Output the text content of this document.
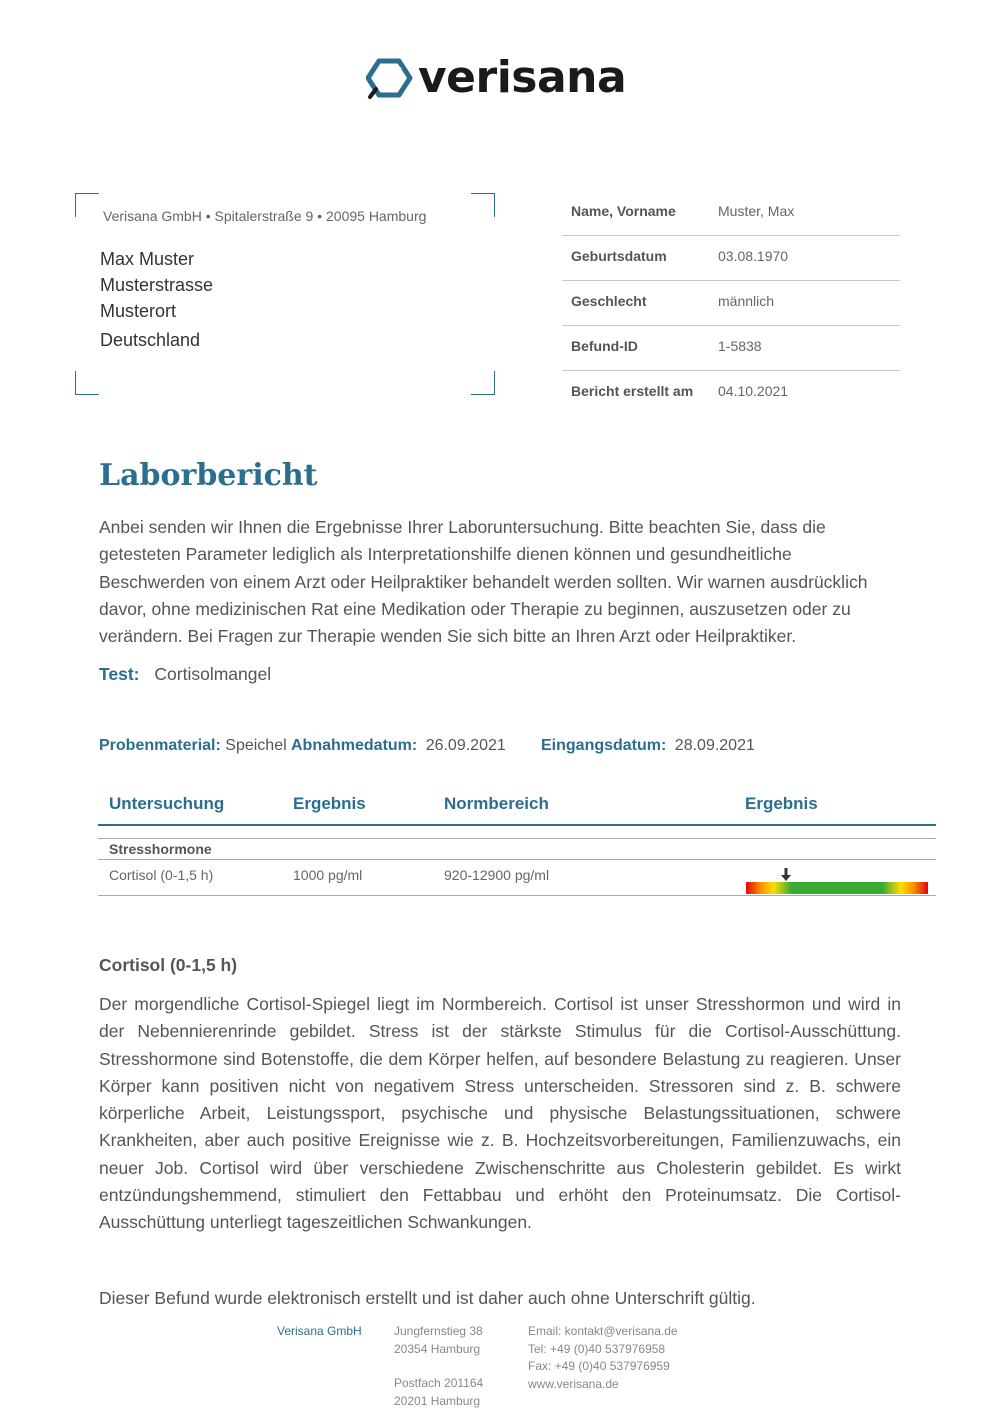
verisana
Verisana GmbH • Spitalerstraße 9 • 20095 Hamburg
Max Muster
Musterstrasse
Musterort
Deutschland
Name, Vorname	Muster, Max
Geburtsdatum	03.08.1970
Geschlecht	männlich
Befund-ID	1-5838
Bericht erstellt am 04.10.2021
Laborbericht
Anbei senden wir Ihnen die Ergebnisse Ihrer Laboruntersuchung. Bitte beachten Sie, dass die getesteten Parameter lediglich als Interpretationshilfe dienen können und gesundheitliche Beschwerden von einem Arzt oder Heilpraktiker behandelt werden sollten. Wir warnen ausdrücklich davor, ohne medizinischen Rat eine Medikation oder Therapie zu beginnen, auszusetzen oder zu verändern. Bei Fragen zur Therapie wenden Sie sich bitte an Ihren Arzt oder Heilpraktiker.
Test: Cortisolmangel
Probenmaterial: Speichel Abnahmedatum: 26.09.2021 Eingangsdatum: 28.09.2021
Untersuchung	Ergebnis	Normbereich	Ergebnis
Stresshormone
Cortisol (0-1,5 h)	1000 pg/ml	920-12900 pg/ml
Cortisol (0-1,5 h)
Der morgendliche Cortisol-Spiegel liegt im Normbereich. Cortisol ist unser Stresshormon und wird in der Nebennierenrinde gebildet. Stress ist der stärkste Stimulus für die Cortisol-Ausschüttung. Stresshormone sind Botenstoffe, die dem Körper helfen, auf besondere Belastung zu reagieren. Unser Körper kann positiven nicht von negativem Stress unterscheiden. Stressoren sind z. B. schwere körperliche Arbeit, Leistungssport, psychische und physische Belastungssituationen, schwere Krankheiten, aber auch positive Ereignisse wie z. B. Hochzeitsvorbereitungen, Familienzuwachs, ein neuer Job. Cortisol wird über verschiedene Zwischenschritte aus Cholesterin gebildet. Es wirkt entzündungshemmend, stimuliert den Fettabbau und erhöht den Proteinumsatz. Die Cortisol-Ausschüttung unterliegt tageszeitlichen Schwankungen.
Dieser Befund wurde elektronisch erstellt und ist daher auch ohne Unterschrift gültig.
Verisana GmbH	Jungfernstieg 38
20354 Hamburg
Postfach 201164
20201 Hamburg
Email: kontakt@verisana.de
Tel: +49 (0)40 537976958
Fax: +49 (0)40 537976959
www.verisana.de
